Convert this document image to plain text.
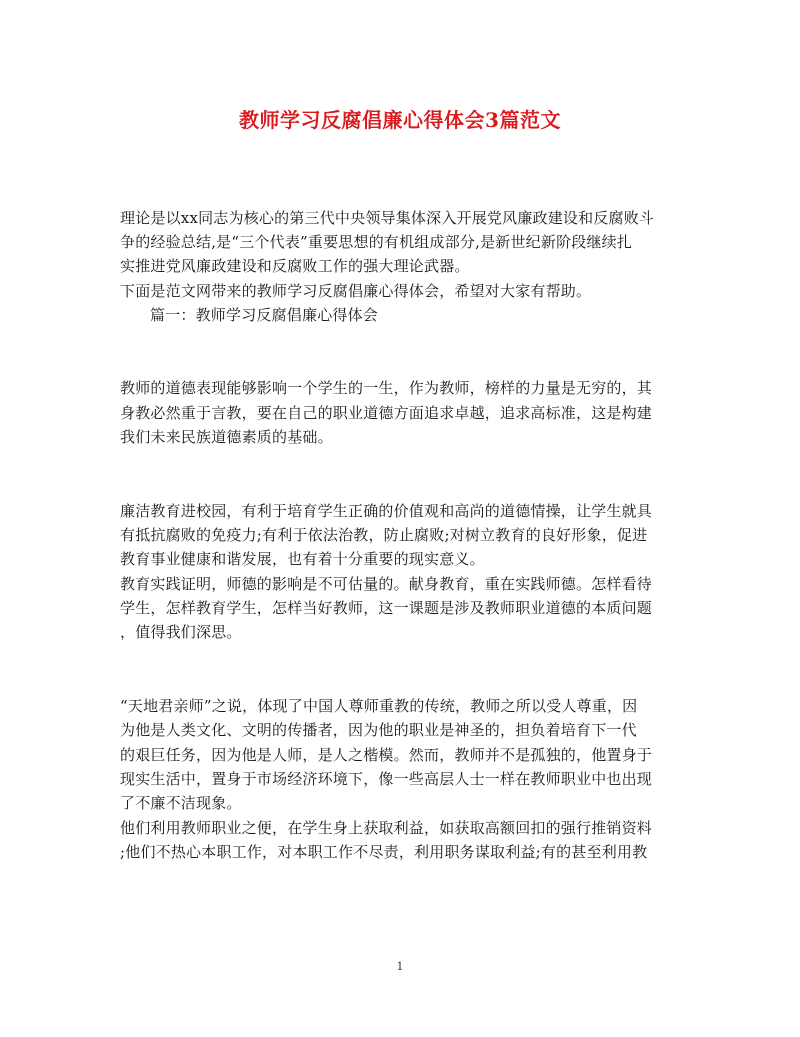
教师学习反腐倡廉心得体会3篇范文
理论是以xx同志为核心的第三代中央领导集体深入开展党风廉政建设和反腐败斗
争的经验总结,是“三个代表”重要思想的有机组成部分,是新世纪新阶段继续扎
实推进党风廉政建设和反腐败工作的强大理论武器。
下面是范文网带来的教师学习反腐倡廉心得体会，希望对大家有帮助。
篇一：教师学习反腐倡廉心得体会
教师的道德表现能够影响一个学生的一生，作为教师，榜样的力量是无穷的，其
身教必然重于言教，要在自己的职业道德方面追求卓越，追求高标准，这是构建
我们未来民族道德素质的基础。
廉洁教育进校园，有利于培育学生正确的价值观和高尚的道德情操，让学生就具
有抵抗腐败的免疫力;有利于依法治教，防止腐败;对树立教育的良好形象，促进
教育事业健康和谐发展，也有着十分重要的现实意义。
教育实践证明，师德的影响是不可估量的。献身教育，重在实践师德。怎样看待
学生，怎样教育学生，怎样当好教师，这一课题是涉及教师职业道德的本质问题
，值得我们深思。
“天地君亲师”之说，体现了中国人尊师重教的传统，教师之所以受人尊重，因
为他是人类文化、文明的传播者，因为他的职业是神圣的，担负着培育下一代
的艰巨任务，因为他是人师，是人之楷模。然而，教师并不是孤独的，他置身于
现实生活中，置身于市场经济环境下，像一些高层人士一样在教师职业中也出现
了不廉不洁现象。
他们利用教师职业之便，在学生身上获取利益，如获取高额回扣的强行推销资料
;他们不热心本职工作，对本职工作不尽责，利用职务谋取利益;有的甚至利用教
1
